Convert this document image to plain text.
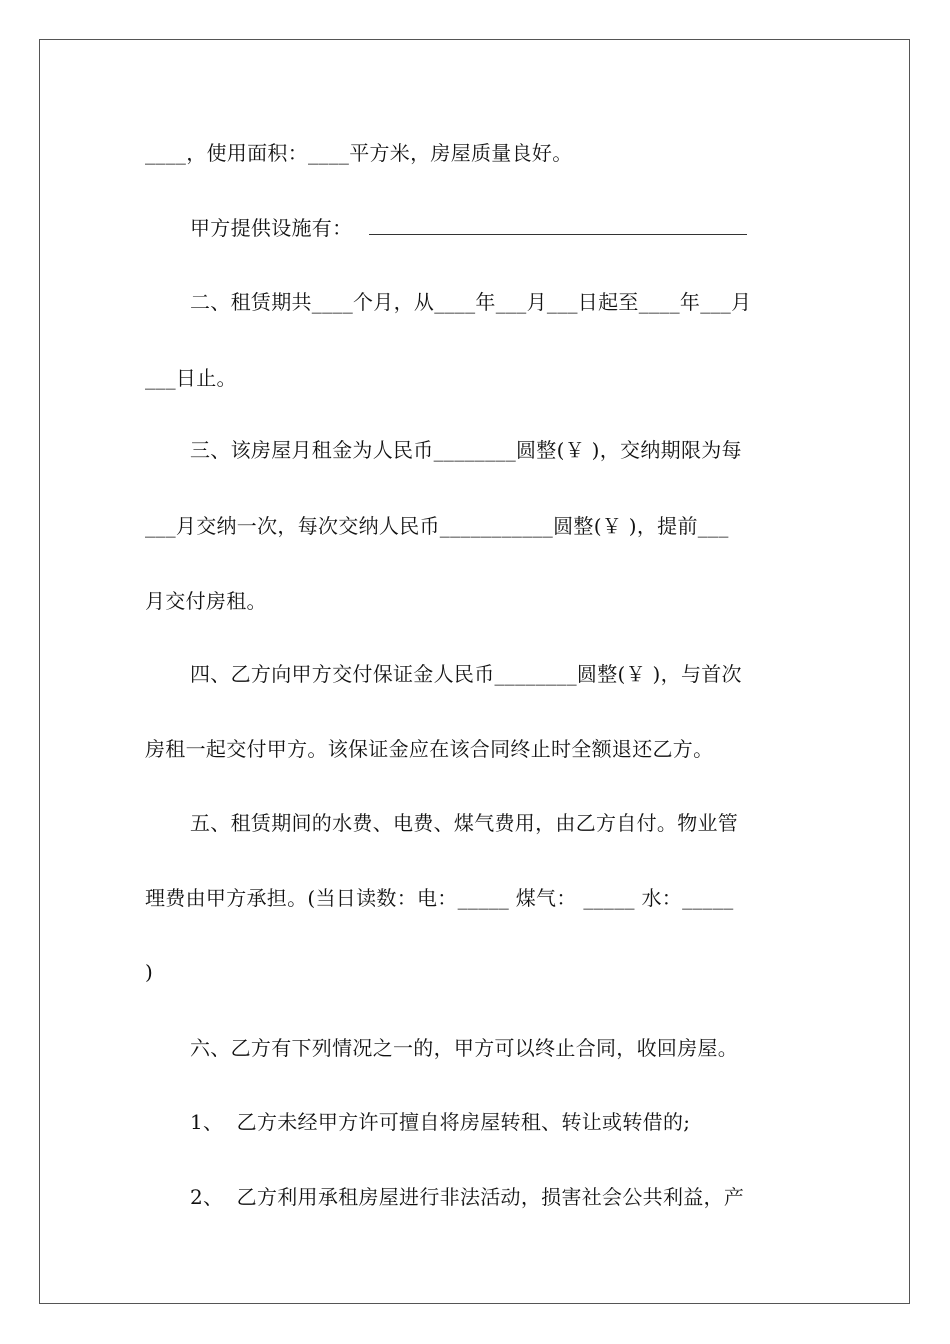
____，使用面积：____平方米，房屋质量良好。
甲方提供设施有：
二、租赁期共____个月，从____年___月___日起至____年___月
___日止。
三、该房屋月租金为人民币________圆整(￥ )，交纳期限为每
___月交纳一次，每次交纳人民币___________圆整(￥ )，提前___
月交付房租。
四、乙方向甲方交付保证金人民币________圆整(￥ )，与首次
房租一起交付甲方。该保证金应在该合同终止时全额退还乙方。
五、租赁期间的水费、电费、煤气费用，由乙方自付。物业管
理费由甲方承担。(当日读数：电：_____ 煤气： _____ 水：_____
)
六、乙方有下列情况之一的，甲方可以终止合同，收回房屋。
1、  乙方未经甲方许可擅自将房屋转租、转让或转借的;
2、  乙方利用承租房屋进行非法活动，损害社会公共利益，产
